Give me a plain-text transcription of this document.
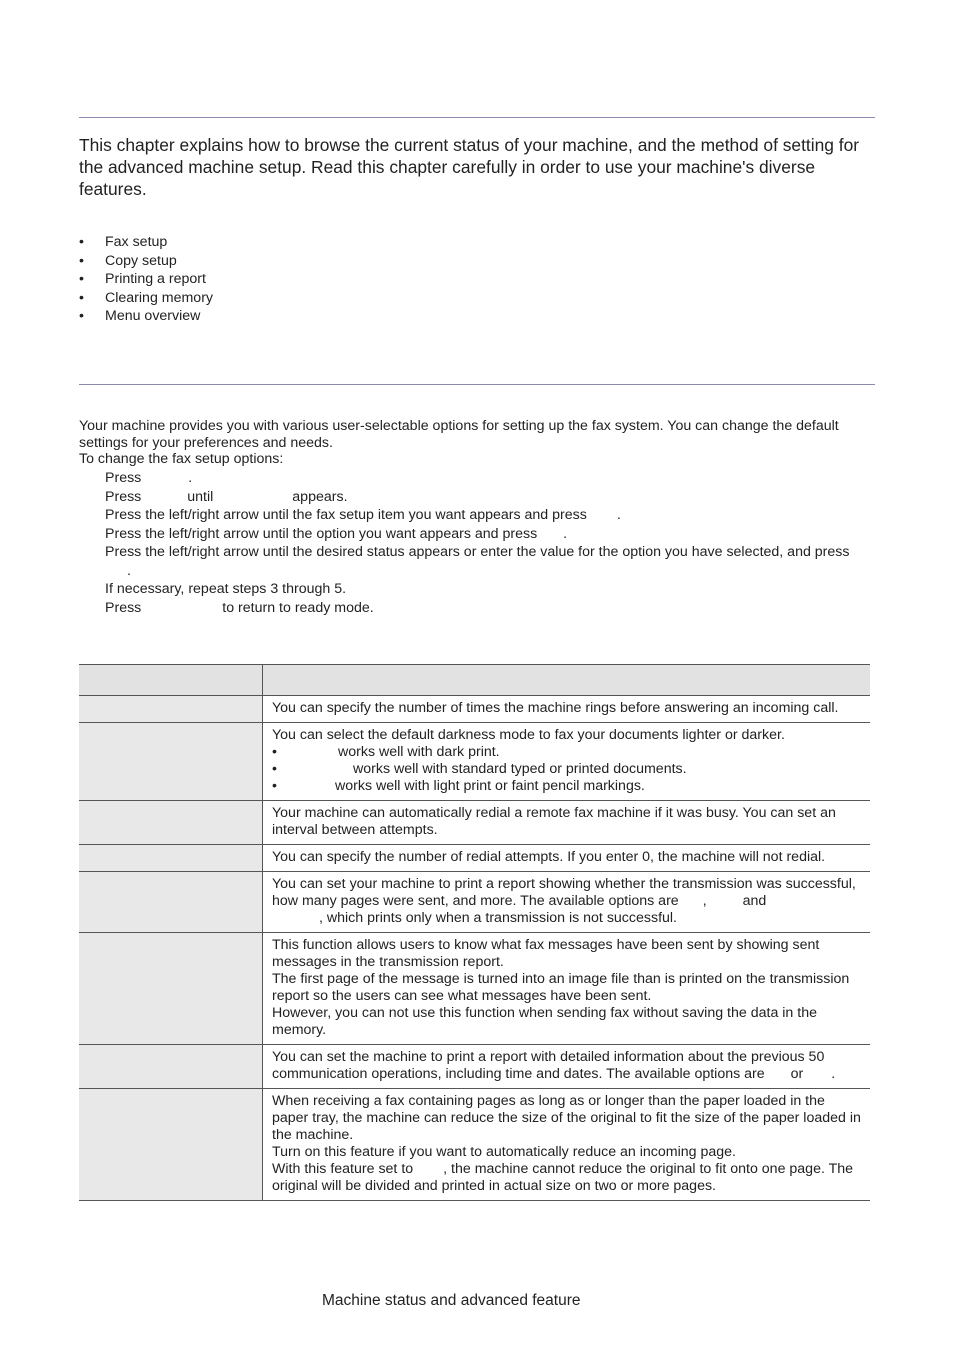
This chapter explains how to browse the current status of your machine, and the method of setting for the advanced machine setup. Read this chapter carefully in order to use your machine's diverse features.
• Fax setup
• Copy setup
• Printing a report
• Clearing memory
• Menu overview
Your machine provides you with various user-selectable options for setting up the fax system. You can change the default settings for your preferences and needs.
To change the fax setup options:
Press	.
Press	until	appears.
Press the left/right arrow until the fax setup item you want appears and press .
Press the left/right arrow until the option you want appears and press .
Press the left/right arrow until the desired status appears or enter the value for the option you have selected, and press
.
If necessary, repeat steps 3 through 5.
Press	to return to ready mode.

	You can specify the number of times the machine rings before answering an incoming call.

	You can select the default darkness mode to fax your documents lighter or darker.
• works well with dark print.
• works well with standard typed or printed documents.
• works well with light print or faint pencil markings.

	Your machine can automatically redial a remote fax machine if it was busy. You can set an interval between attempts.
	You can specify the number of redial attempts. If you enter 0, the machine will not redial.
	You can set your machine to print a report showing whether the transmission was successful, how many pages were sent, and more. The available options are , and
, which prints only when a transmission is not successful.

	This function allows users to know what fax messages have been sent by showing sent messages in the transmission report.
The first page of the message is turned into an image file than is printed on the transmission report so the users can see what messages have been sent.
However, you can not use this function when sending fax without saving the data in the memory.

	You can set the machine to print a report with detailed information about the previous 50 communication operations, including time and dates. The available options are or .

	When receiving a fax containing pages as long as or longer than the paper loaded in the paper tray, the machine can reduce the size of the original to fit the size of the paper loaded in the machine.
Turn on this feature if you want to automatically reduce an incoming page.
With this feature set to , the machine cannot reduce the original to fit onto one page. The original will be divided and printed in actual size on two or more pages.
Machine status and advanced feature
